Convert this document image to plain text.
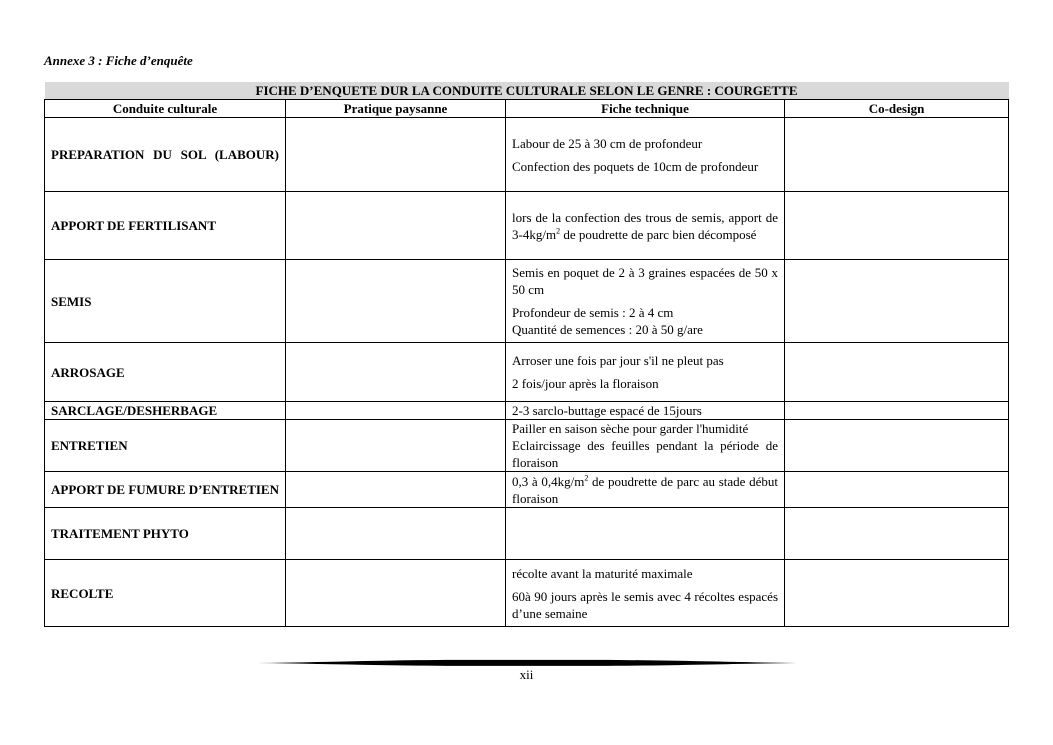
Annexe 3 : Fiche d’enquête
FICHE D’ENQUETE DUR LA CONDUITE CULTURALE SELON LE GENRE : COURGETTE			
Conduite culturale	Pratique paysanne	Fiche technique	Co-design
PREPARATION DU SOL (LABOUR)		Labour de 25 à 30 cm de profondeur

Confection des poquets de 10cm de profondeur	

APPORT DE FERTILISANT		lors de la confection des trous de semis, apport de $3-4kg/m^2$ de poudrette de parc bien décomposé	

SEMIS		Semis en poquet de 2 à 3 graines espacées de 50 x 50 cm

Profondeur de semis : 2 à 4 cm

Quantité de semences : 20 à 50 g/are	

ARROSAGE		Arroser une fois par jour s'il ne pleut pas

2 fois/jour après la floraison	

SARCLAGE/DESHERBAGE		2-3 sarclo-buttage espacé de 15jours	

ENTRETIEN		Pailler en saison sèche pour garder l'humidité

Eclaircissage des feuilles pendant la période de floraison	

APPORT DE FUMURE D’ENTRETIEN		0,3 à $0,4kg/m^2$ de poudrette de parc au stade début floraison	

TRAITEMENT PHYTO			
RECOLTE		récolte avant la maturité maximale

60à 90 jours après le semis avec 4 récoltes espacés d’une semaine	

xii
